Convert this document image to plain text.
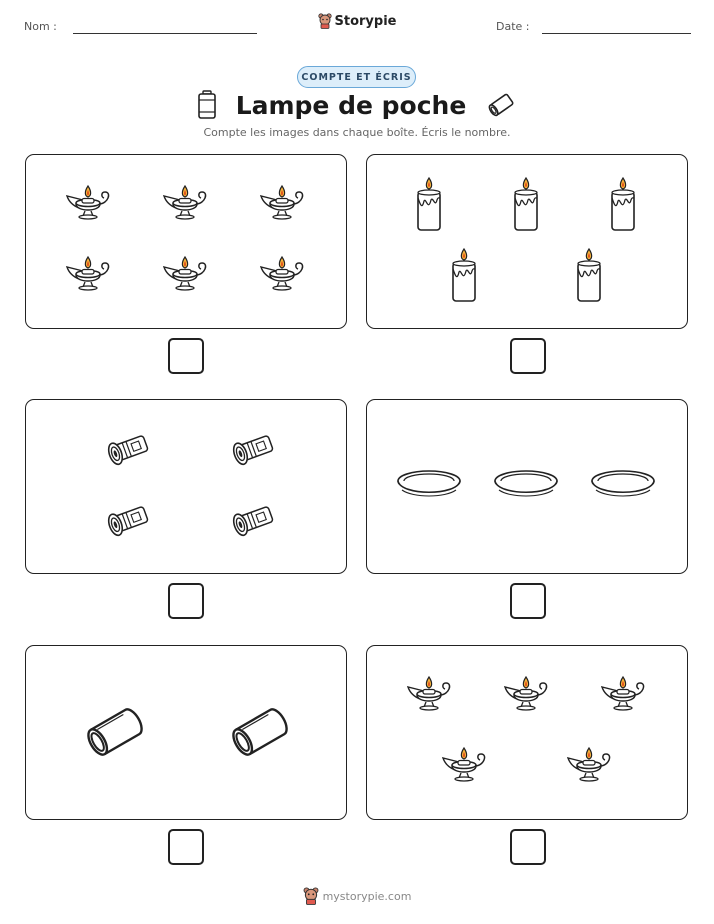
Nom :	Storypie	Date :
COMPTE ET ÉCRIS
Lampe de poche
Compte les images dans chaque boîte. Écris le nombre.
mystorypie.com
